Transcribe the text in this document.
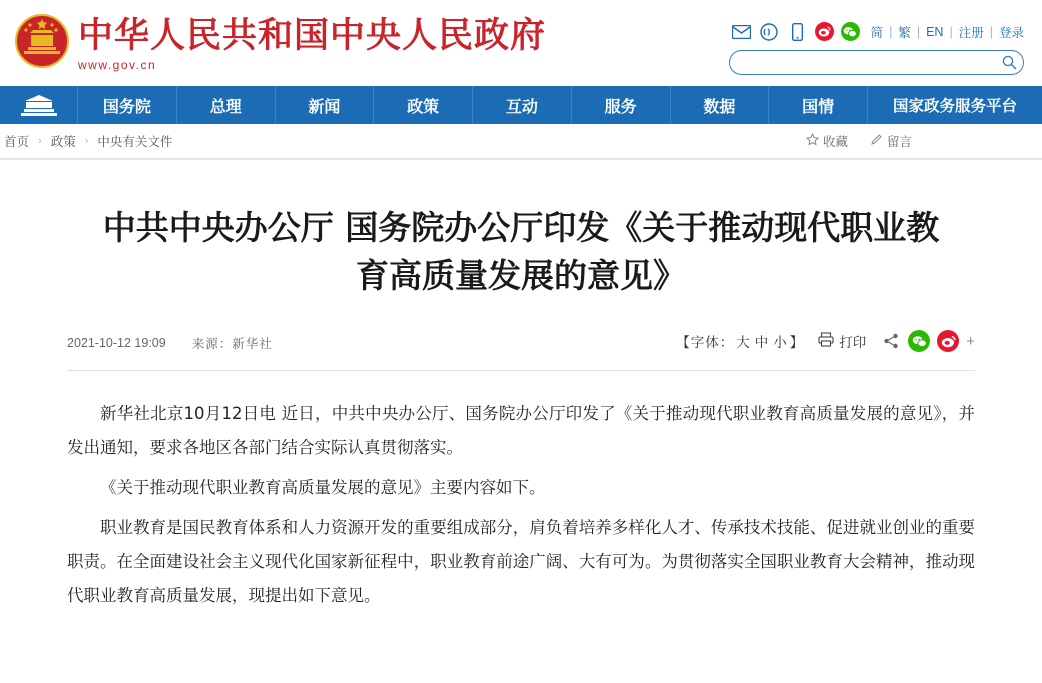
中华人民共和国中央人民政府
www.gov.cn
简 | 繁 | EN | 注册 | 登录
国务院	总理	新闻	政策	互动	服务	数据	国情	国家政务服务平台
首页 › 政策 › 中央有关文件	收藏	留言
中共中央办公厅 国务院办公厅印发《关于推动现代职业教育高质量发展的意见》
2021-10-12 19:09 来源：新华社	【字体： 大 中 小 】	打印	+

新华社北京10月12日电 近日，中共中央办公厅、国务院办公厅印发了《关于推动现代职业教育高质量发展的意见》，并发出通知，要求各地区各部门结合实际认真贯彻落实。

《关于推动现代职业教育高质量发展的意见》主要内容如下。

职业教育是国民教育体系和人力资源开发的重要组成部分，肩负着培养多样化人才、传承技术技能、促进就业创业的重要职责。在全面建设社会主义现代化国家新征程中，职业教育前途广阔、大有可为。为贯彻落实全国职业教育大会精神，推动现代职业教育高质量发展，现提出如下意见。
